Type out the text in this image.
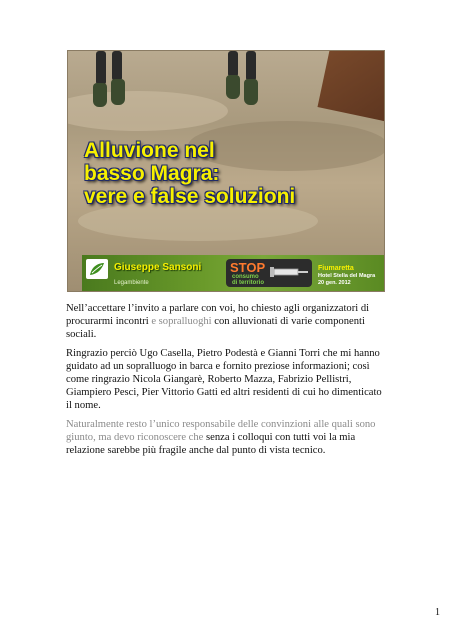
Alluvione nel
basso Magra:
vere e false soluzioni
Giuseppe Sansoni
Legambiente
STOP
consumo
di territorio
Fiumaretta
Hotel Stella del Magra
20 gen. 2012

Nell’accettare l’invito a parlare con voi, ho chiesto agli organizzatori di procurarmi incontri e sopralluoghi con alluvionati di varie componenti sociali.

Ringrazio perciò Ugo Casella, Pietro Podestà e Gianni Torri che mi hanno guidato ad un sopralluogo in barca e fornito preziose informazioni; così come ringrazio Nicola Giangarè, Roberto Mazza, Fabrizio Pellistri, Giampiero Pesci, Pier Vittorio Gatti ed altri residenti di cui ho dimenticato il nome.

Naturalmente resto l’unico responsabile delle convinzioni alle quali sono giunto, ma devo riconoscere che senza i colloqui con tutti voi la mia relazione sarebbe più fragile anche dal punto di vista tecnico.

1
